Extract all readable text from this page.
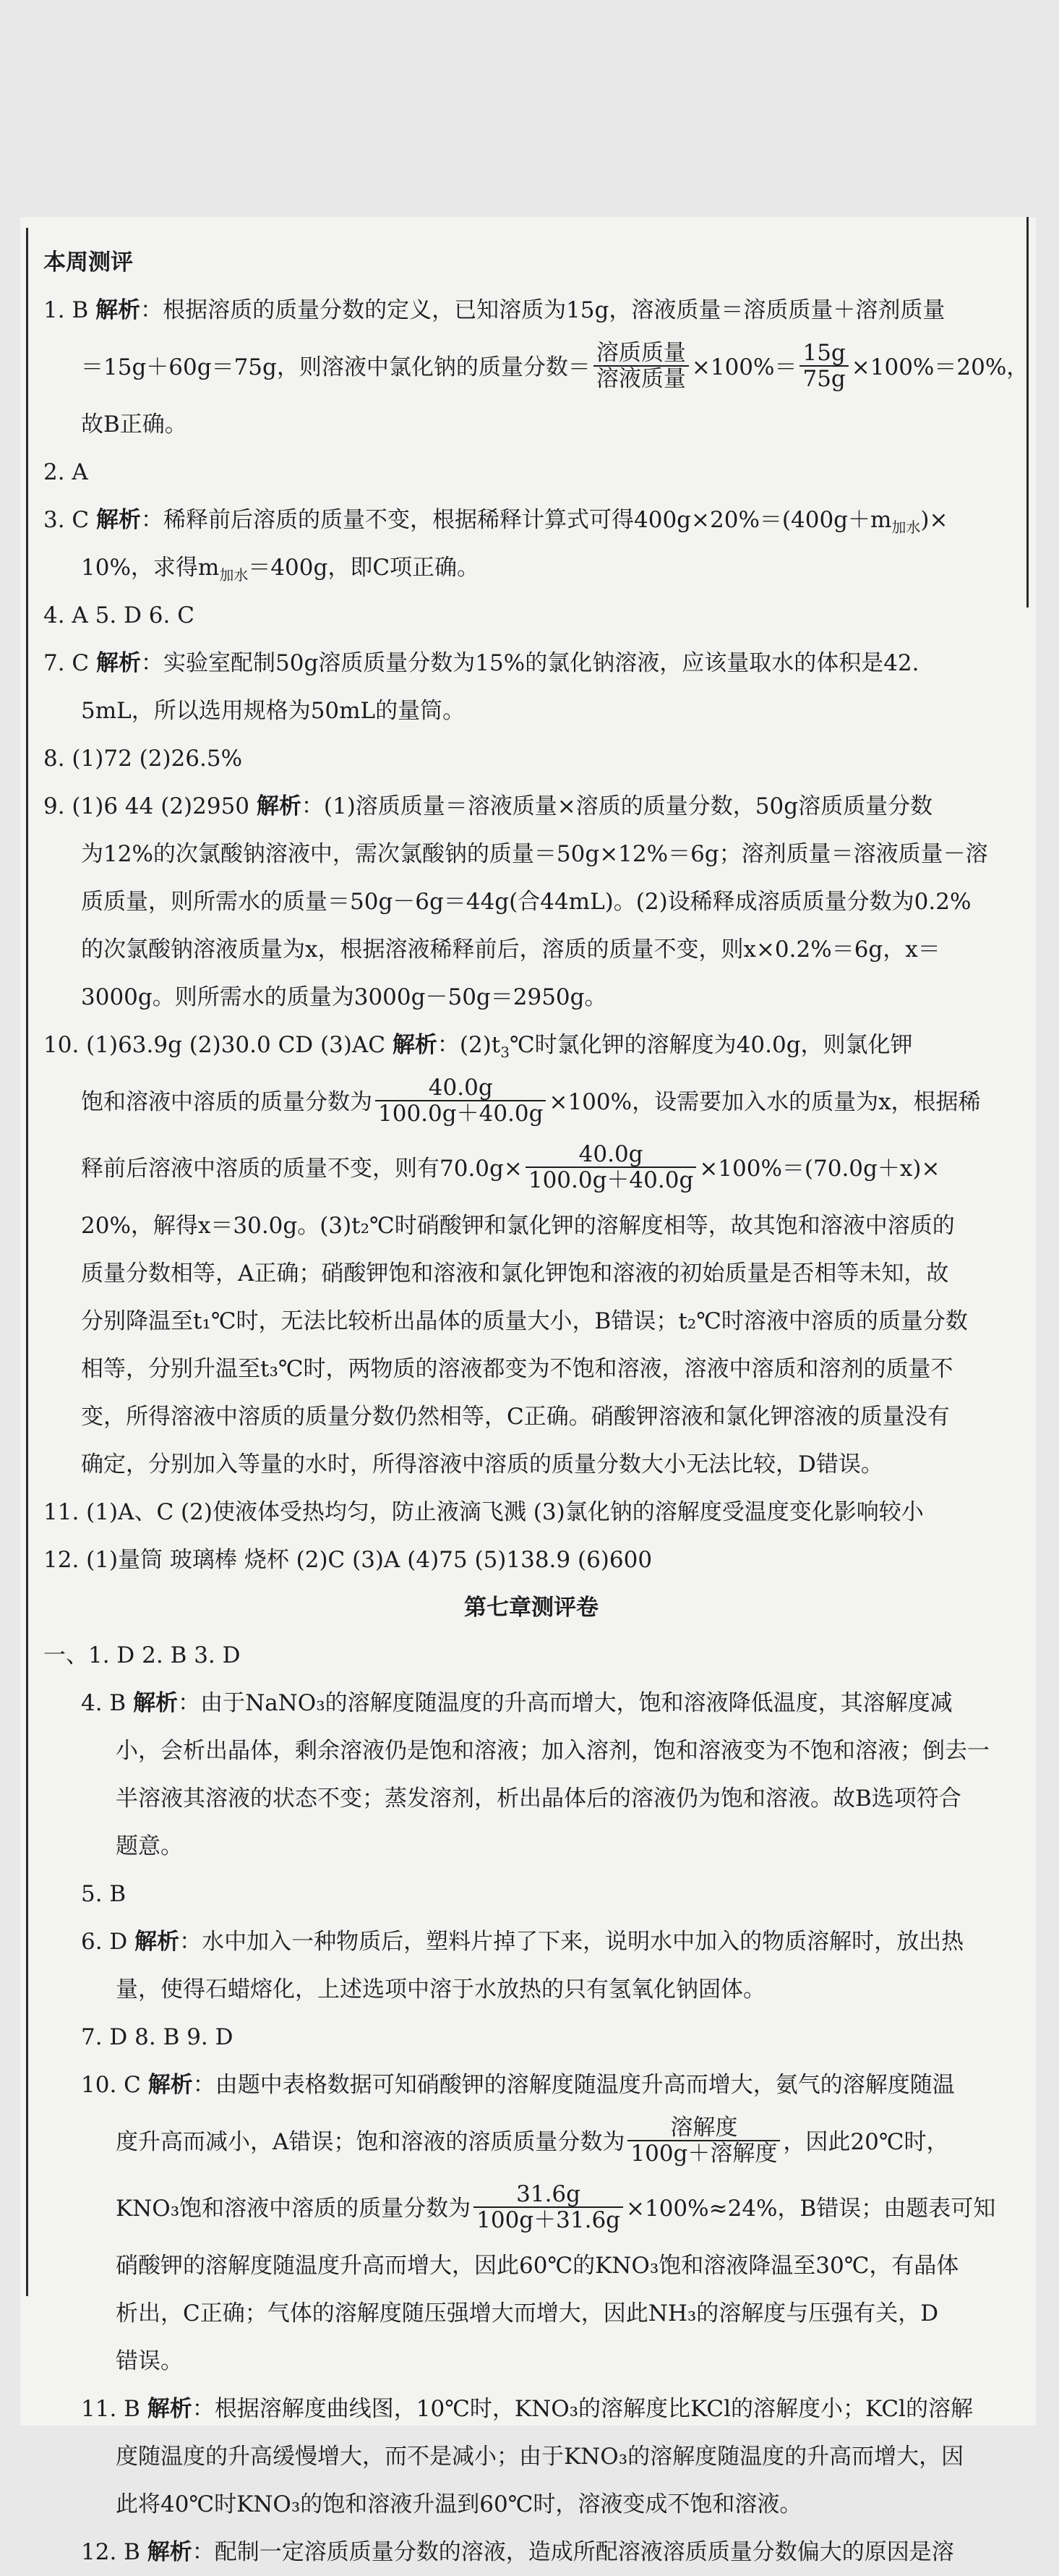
本周测评
1. B 解析：根据溶质的质量分数的定义，已知溶质为15g，溶液质量＝溶质质量＋溶剂质量
＝15g＋60g＝75g，则溶液中氯化钠的质量分数＝ $\frac{\text{溶质质量}}{\text{溶液质量}} \times 100\%= \frac{15g}{75g} \times 100\%=20\%$，
故B正确。
2. A
3. C 解析：稀释前后溶质的质量不变，根据稀释计算式可得$400g\times 20\%=(400g+m_{加水})\times$
10%，求得$m_{加水}=400g$，即C项正确。
4. A 5. D 6. C
7. C 解析：实验室配制50g溶质质量分数为15%的氯化钠溶液，应该量取水的体积是42.
5mL，所以选用规格为50mL的量筒。
8. (1)72 (2)26.5%
9. (1)6 44 (2)2950 解析：(1)溶质质量＝溶液质量×溶质的质量分数，50g溶质质量分数
为12%的次氯酸钠溶液中，需次氯酸钠的质量＝50g×12%＝6g；溶剂质量＝溶液质量－溶
质质量，则所需水的质量＝50g－6g＝44g(合44mL)。(2)设稀释成溶质质量分数为0.2%
的次氯酸钠溶液质量为x，根据溶液稀释前后，溶质的质量不变，则x×0.2%＝6g，x＝
3000g。则所需水的质量为3000g－50g＝2950g。
10. (1)63.9g (2)30.0 CD (3)AC 解析：$(2)t_3℃$时氯化钾的溶解度为40.0g，则氯化钾
饱和溶液中溶质的质量分数为 $\frac{40.0g}{100.0g+40.0g} \times 100\%$，设需要加入水的质量为x，根据稀
释前后溶液中溶质的质量不变，则有$70.0g\times \frac{40.0g}{100.0g+40.0g} \times 100\%=(70.0g+x)\times$
20%，解得x＝30.0g。(3)t₂℃时硝酸钾和氯化钾的溶解度相等，故其饱和溶液中溶质的
质量分数相等，A正确；硝酸钾饱和溶液和氯化钾饱和溶液的初始质量是否相等未知，故
分别降温至t₁℃时，无法比较析出晶体的质量大小，B错误；t₂℃时溶液中溶质的质量分数
相等，分别升温至t₃℃时，两物质的溶液都变为不饱和溶液，溶液中溶质和溶剂的质量不
变，所得溶液中溶质的质量分数仍然相等，C正确。硝酸钾溶液和氯化钾溶液的质量没有
确定，分别加入等量的水时，所得溶液中溶质的质量分数大小无法比较，D错误。
11. (1)A、C (2)使液体受热均匀，防止液滴飞溅 (3)氯化钠的溶解度受温度变化影响较小
12. (1)量筒 玻璃棒 烧杯 (2)C (3)A (4)75 (5)138.9 (6)600
第七章测评卷
一、1. D 2. B 3. D
4. B 解析：由于NaNO₃的溶解度随温度的升高而增大，饱和溶液降低温度，其溶解度减
小，会析出晶体，剩余溶液仍是饱和溶液；加入溶剂，饱和溶液变为不饱和溶液；倒去一
半溶液其溶液的状态不变；蒸发溶剂，析出晶体后的溶液仍为饱和溶液。故B选项符合
题意。
5. B
6. D 解析：水中加入一种物质后，塑料片掉了下来，说明水中加入的物质溶解时，放出热
量，使得石蜡熔化，上述选项中溶于水放热的只有氢氧化钠固体。
7. D 8. B 9. D
10. C 解析：由题中表格数据可知硝酸钾的溶解度随温度升高而增大，氨气的溶解度随温
度升高而减小，A错误；饱和溶液的溶质质量分数为 $\frac{\text{溶解度}}{\text{100g＋溶解度}}$ ，因此20℃时，
KNO₃饱和溶液中溶质的质量分数为 $\frac{31.6g}{100g+31.6g} \times 100\%\approx 24\%$，B错误；由题表可知
硝酸钾的溶解度随温度升高而增大，因此60℃的KNO₃饱和溶液降温至30℃，有晶体
析出，C正确；气体的溶解度随压强增大而增大，因此NH₃的溶解度与压强有关，D
错误。
11. B 解析：根据溶解度曲线图，10℃时，KNO₃的溶解度比KCl的溶解度小；KCl的溶解
度随温度的升高缓慢增大，而不是减小；由于KNO₃的溶解度随温度的升高而增大，因
此将40℃时KNO₃的饱和溶液升温到60℃时，溶液变成不饱和溶液。
12. B 解析：配制一定溶质质量分数的溶液，造成所配溶液溶质质量分数偏大的原因是溶
